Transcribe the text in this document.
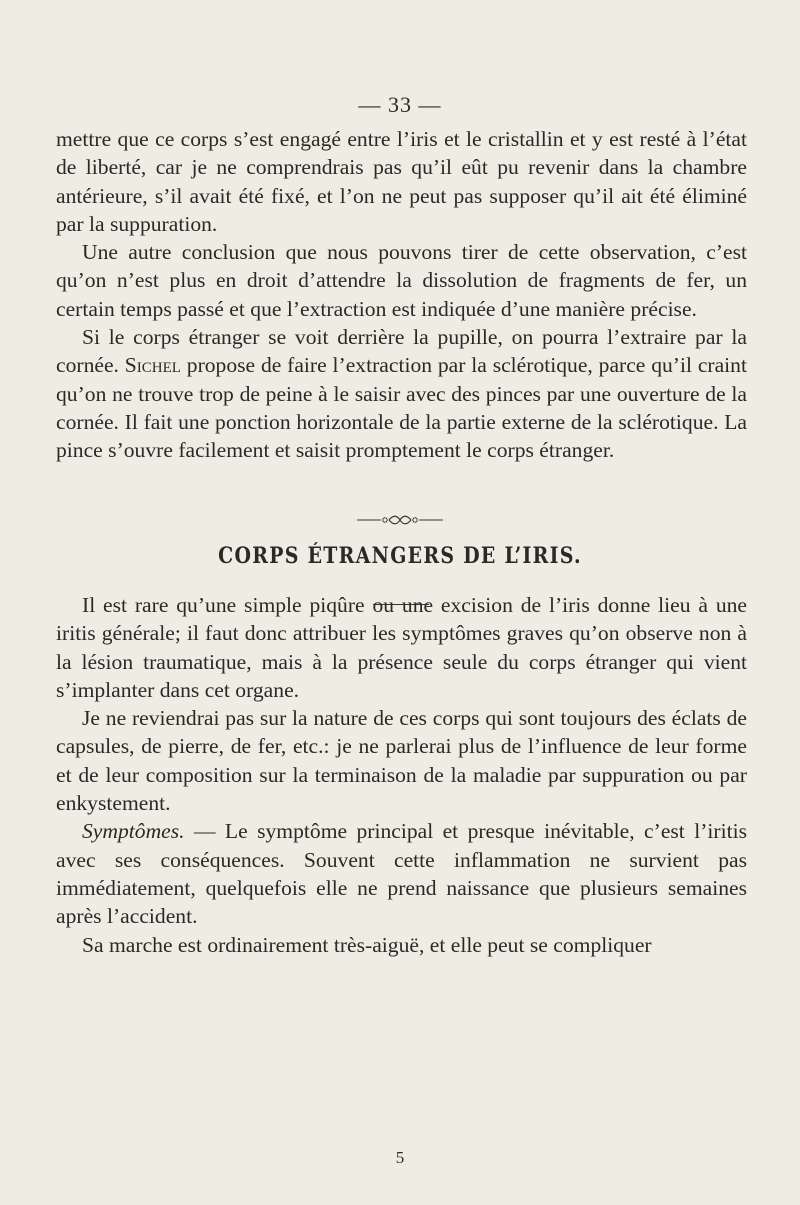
— 33 —

mettre que ce corps s’est engagé entre l’iris et le cristallin et y est resté à l’état de liberté, car je ne comprendrais pas qu’il eût pu revenir dans la chambre antérieure, s’il avait été fixé, et l’on ne peut pas supposer qu’il ait été éliminé par la suppuration.

Une autre conclusion que nous pouvons tirer de cette observation, c’est qu’on n’est plus en droit d’attendre la dissolution de fragments de fer, un certain temps passé et que l’extraction est indiquée d’une manière précise.

Si le corps étranger se voit derrière la pupille, on pourra l’extraire par la cornée. Sichel propose de faire l’extraction par la sclérotique, parce qu’il craint qu’on ne trouve trop de peine à le saisir avec des pinces par une ouverture de la cornée. Il fait une ponction horizontale de la partie externe de la sclérotique. La pince s’ouvre facilement et saisit promptement le corps étranger.

CORPS ÉTRANGERS DE L’IRIS.

Il est rare qu’une simple piqûre ou une excision de l’iris donne lieu à une iritis générale; il faut donc attribuer les symptômes graves qu’on observe non à la lésion traumatique, mais à la présence seule du corps étranger qui vient s’implanter dans cet organe.

Je ne reviendrai pas sur la nature de ces corps qui sont toujours des éclats de capsules, de pierre, de fer, etc.: je ne parlerai plus de l’influence de leur forme et de leur composition sur la terminaison de la maladie par suppuration ou par enkystement.

Symptômes. — Le symptôme principal et presque inévitable, c’est l’iritis avec ses conséquences. Souvent cette inflammation ne survient pas immédiatement, quelquefois elle ne prend naissance que plusieurs semaines après l’accident.

Sa marche est ordinairement très-aiguë, et elle peut se compliquer

5
